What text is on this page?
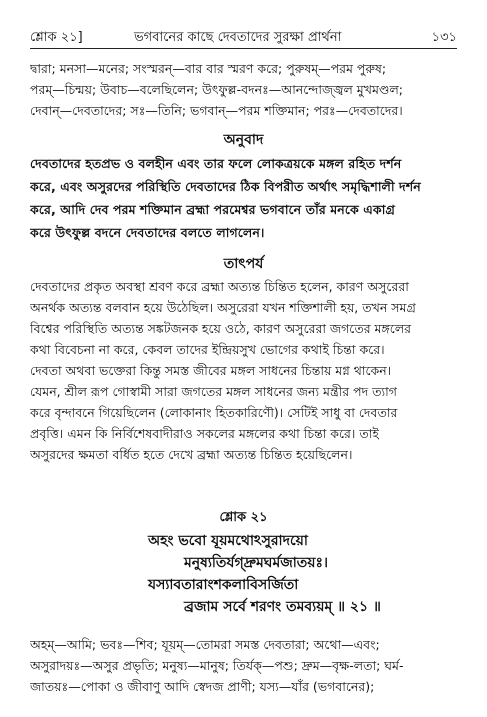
শ্লোক ২১]	ভগবানের কাছে দেবতাদের সুরক্ষা প্রার্থনা	১৩১
দ্বারা; মনসা—মনের; সংস্মরন্—বার বার স্মরণ করে; পুরুষম্—পরম পুরুষ;
পরম্—চিন্ময়; উবাচ—বলেছিলেন; উৎফুল্ল-বদনঃ—আনন্দোজ্জ্বল মুখমণ্ডল;
দেবান্—দেবতাদের; সঃ—তিনি; ভগবান্—পরম শক্তিমান; পরঃ—দেবতাদের।
অনুবাদ
দেবতাদের হতপ্রভ ও বলহীন এবং তার ফলে লোকত্রয়কে মঙ্গল রহিত দর্শন
করে, এবং অসুরদের পরিস্থিতি দেবতাদের ঠিক বিপরীত অর্থাৎ সমৃদ্ধিশালী দর্শন
করে, আদি দেব পরম শক্তিমান ব্রহ্মা পরমেশ্বর ভগবানে তাঁর মনকে একাগ্র
করে উৎফুল্ল বদনে দেবতাদের বলতে লাগলেন।
তাৎপর্য
দেবতাদের প্রকৃত অবস্থা শ্রবণ করে ব্রহ্মা অত্যন্ত চিন্তিত হলেন, কারণ অসুরেরা
অনর্থক অত্যন্ত বলবান হয়ে উঠেছিল। অসুরেরা যখন শক্তিশালী হয়, তখন সমগ্র
বিশ্বের পরিস্থিতি অত্যন্ত সঙ্কটজনক হয়ে ওঠে, কারণ অসুরেরা জগতের মঙ্গলের
কথা বিবেচনা না করে, কেবল তাদের ইন্দ্রিয়সুখ ভোগের কথাই চিন্তা করে।
দেবতা অথবা ভক্তেরা কিন্তু সমস্ত জীবের মঙ্গল সাধনের চিন্তায় মগ্ন থাকেন।
যেমন, শ্রীল রূপ গোস্বামী সারা জগতের মঙ্গল সাধনের জন্য মন্ত্রীর পদ ত্যাগ
করে বৃন্দাবনে গিয়েছিলেন (লোকানাং হিতকারিণৌ)। সেটিই সাধু বা দেবতার
প্রবৃত্তি। এমন কি নির্বিশেষবাদীরাও সকলের মঙ্গলের কথা চিন্তা করে। তাই
অসুরদের ক্ষমতা বর্ধিত হতে দেখে ব্রহ্মা অত্যন্ত চিন্তিত হয়েছিলেন।
শ্লোক ২১
অহং ভবো যূয়মথোঽসুরাদয়ো
মনুষ্যতির্যগ্‌দ্রুমঘর্মজাতয়ঃ।
যস্যাবতারাংশকলাবিসর্জিতা
ব্রজাম সর্বে শরণং তমব্যয়ম্ ॥ ২১ ॥
অহম্—আমি; ভবঃ—শিব; যূয়ম্—তোমরা সমস্ত দেবতারা; অথো—এবং;
অসুরাদয়ঃ—অসুর প্রভৃতি; মনুষ্য—মানুষ; তির্যক্—পশু; দ্রুম—বৃক্ষ-লতা; ঘর্ম-
জাতয়ঃ—পোকা ও জীবাণু আদি স্বেদজ প্রাণী; যস্য—যাঁর (ভগবানের);
